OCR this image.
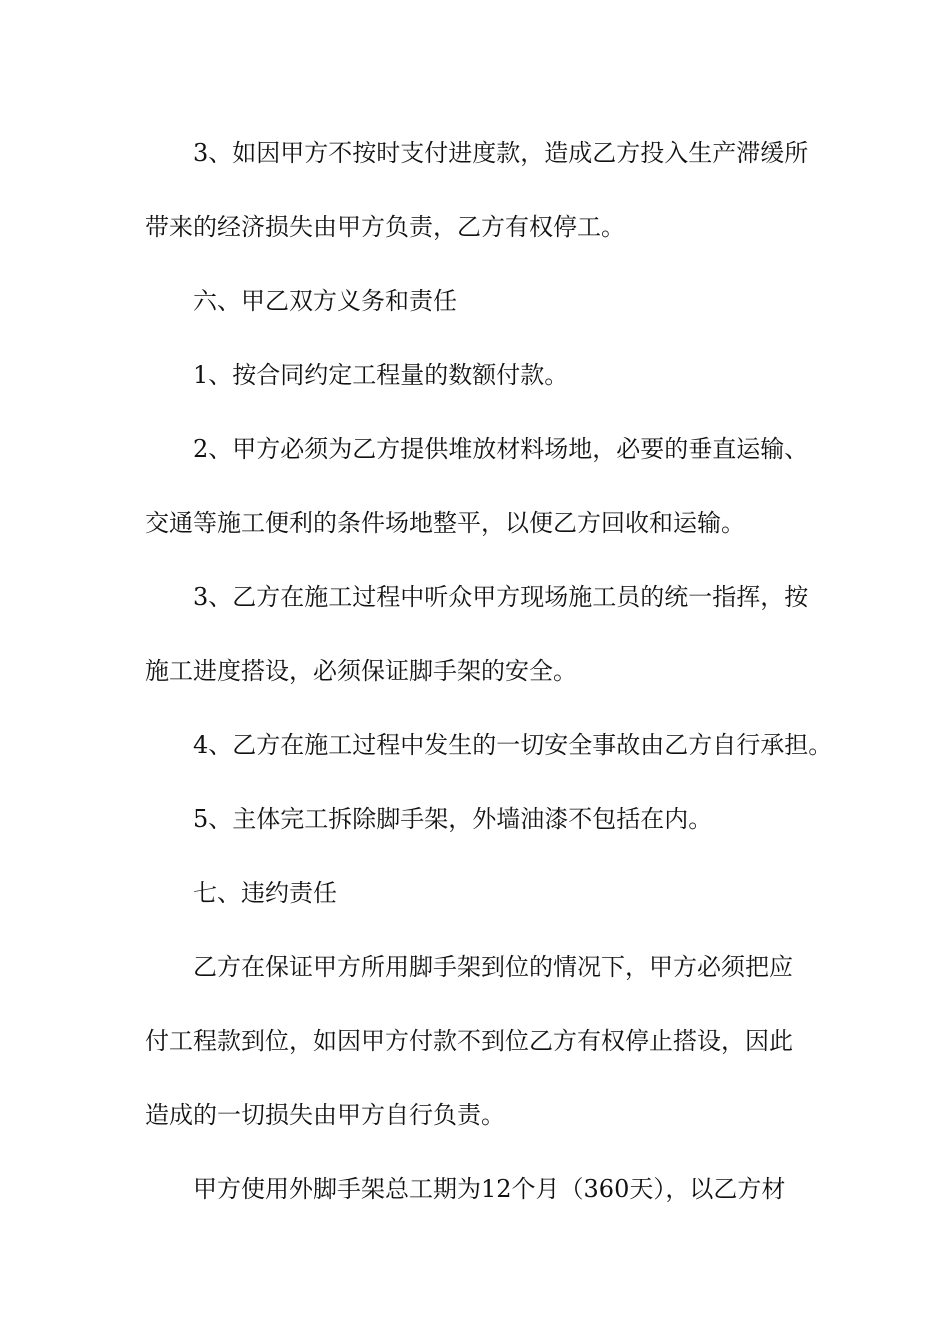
3、如因甲方不按时支付进度款，造成乙方投入生产滞缓所

带来的经济损失由甲方负责，乙方有权停工。

六、甲乙双方义务和责任

1、按合同约定工程量的数额付款。

2、甲方必须为乙方提供堆放材料场地，必要的垂直运输、

交通等施工便利的条件场地整平，以便乙方回收和运输。

3、乙方在施工过程中听众甲方现场施工员的统一指挥，按

施工进度搭设，必须保证脚手架的安全。

4、乙方在施工过程中发生的一切安全事故由乙方自行承担。

5、主体完工拆除脚手架，外墙油漆不包括在内。

七、违约责任

乙方在保证甲方所用脚手架到位的情况下，甲方必须把应

付工程款到位，如因甲方付款不到位乙方有权停止搭设，因此

造成的一切损失由甲方自行负责。

甲方使用外脚手架总工期为12个月（360天），以乙方材
